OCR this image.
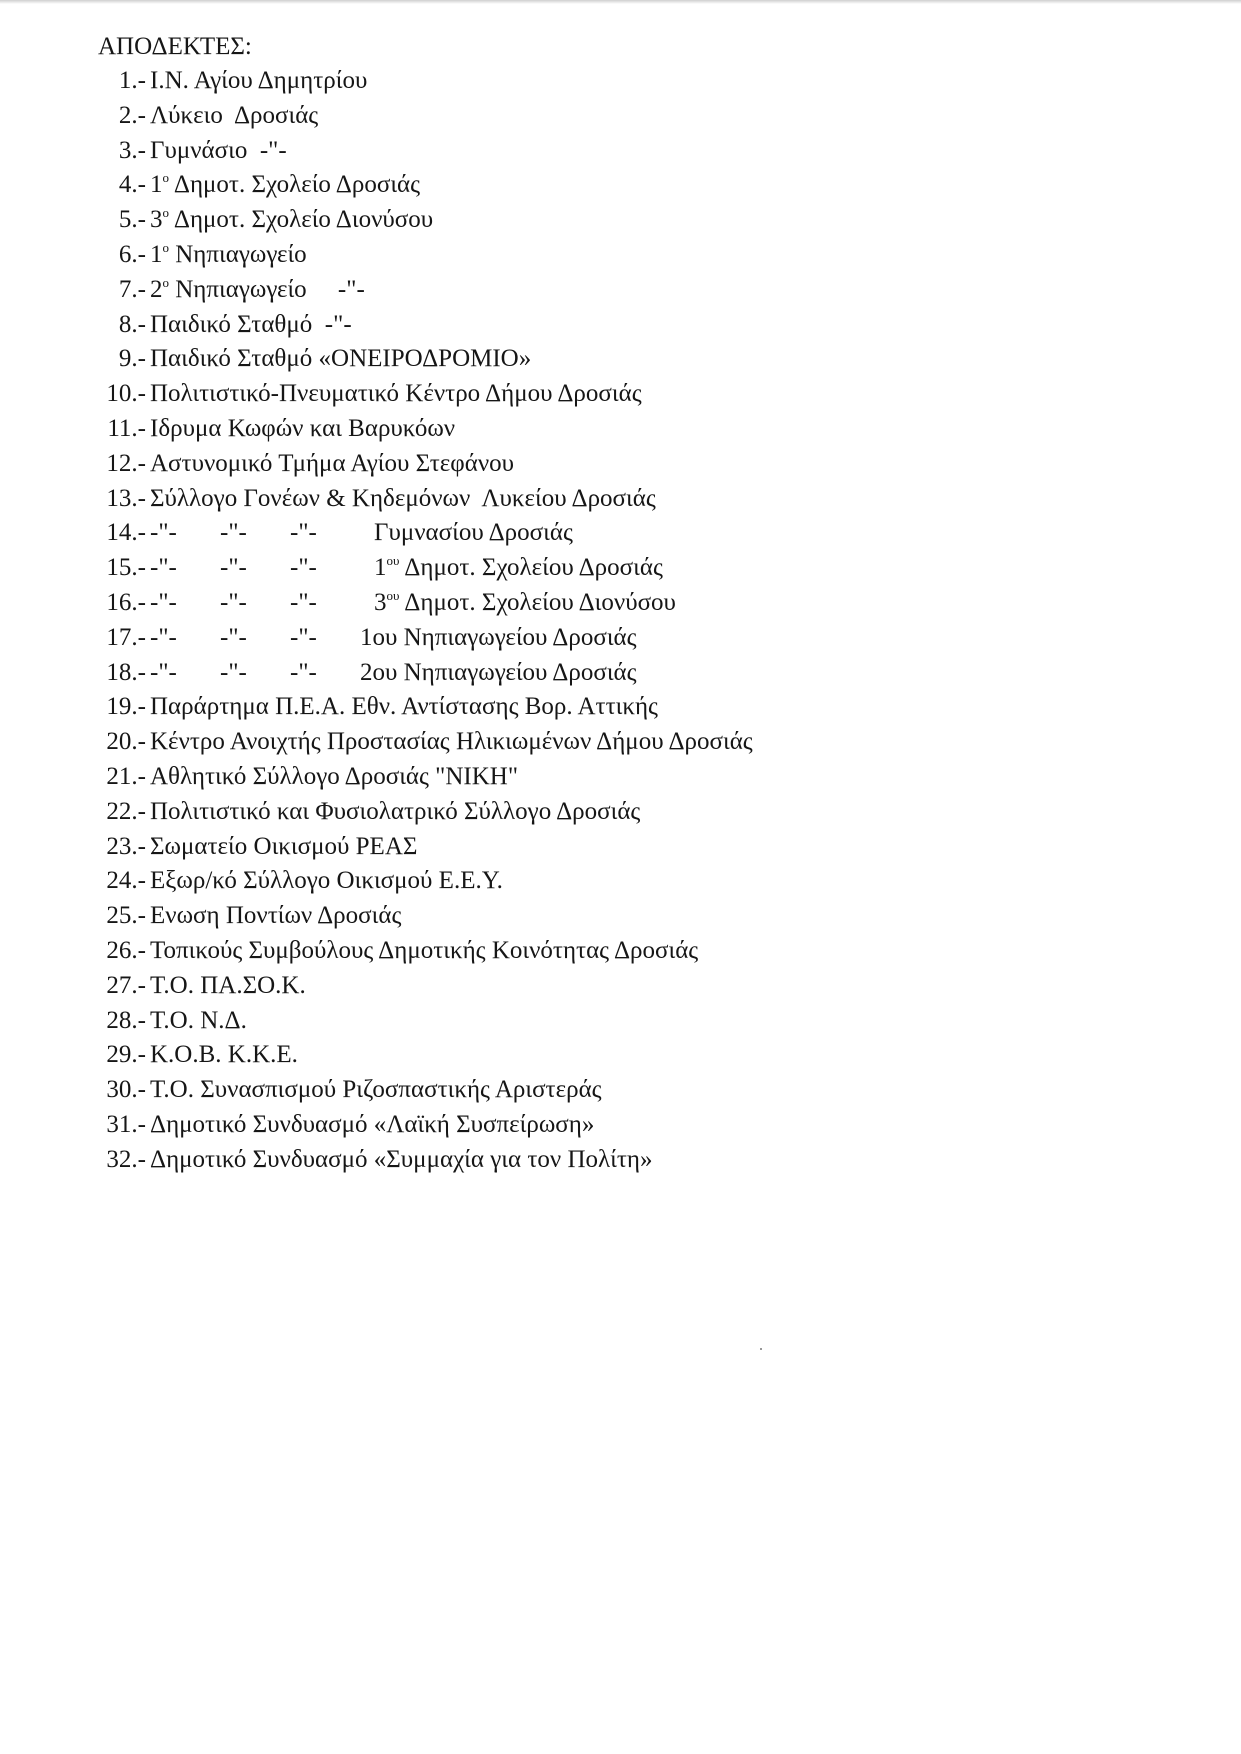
ΑΠΟΔΕΚΤΕΣ:
1.- Ι.Ν. Αγίου Δημητρίου
2.- Λύκειο  Δροσιάς
3.- Γυμνάσιο  -"-
4.- $1^o$ Δημοτ. Σχολείο Δροσιάς
5.- $3^o$ Δημοτ. Σχολείο Διονύσου
6.- $1^o$ Νηπιαγωγείο
7.- $2^o$ Νηπιαγωγείο     -"-
8.- Παιδικό Σταθμό  -"-
9.- Παιδικό Σταθμό «ΟΝΕΙΡΟΔΡΟΜΙΟ»
10.- Πολιτιστικό-Πνευματικό Κέντρο Δήμου Δροσιάς
11.- Ιδρυμα Κωφών και Βαρυκόων
12.- Αστυνομικό Τμήμα Αγίου Στεφάνου
13.- Σύλλογο Γονέων & Κηδεμόνων  Λυκείου Δροσιάς
14.- -"- -"- -"- Γυμνασίου Δροσιάς
15.- -"- -"- -"- $1^{o\upsilon}$ Δημοτ. Σχολείου Δροσιάς
16.- -"- -"- -"- $3^{o\upsilon}$ Δημοτ. Σχολείου Διονύσου
17.- -"- -"- -"- 1ου Νηπιαγωγείου Δροσιάς
18.- -"- -"- -"- 2ου Νηπιαγωγείου Δροσιάς
19.- Παράρτημα Π.Ε.Α. Εθν. Αντίστασης Βορ. Αττικής
20.- Κέντρο Ανοιχτής Προστασίας Ηλικιωμένων Δήμου Δροσιάς
21.- Αθλητικό Σύλλογο Δροσιάς "ΝΙΚΗ"
22.- Πολιτιστικό και Φυσιολατρικό Σύλλογο Δροσιάς
23.- Σωματείο Οικισμού ΡΕΑΣ
24.- Εξωρ/κό Σύλλογο Οικισμού Ε.Ε.Υ.
25.- Ενωση Ποντίων Δροσιάς
26.- Τοπικούς Συμβούλους Δημοτικής Κοινότητας Δροσιάς
27.- Τ.Ο. ΠΑ.ΣΟ.Κ.
28.- Τ.Ο. Ν.Δ.
29.- Κ.Ο.Β. Κ.Κ.Ε.
30.- Τ.Ο. Συνασπισμού Ριζοσπαστικής Αριστεράς
31.- Δημοτικό Συνδυασμό «Λαϊκή Συσπείρωση»
32.- Δημοτικό Συνδυασμό «Συμμαχία για τον Πολίτη»
